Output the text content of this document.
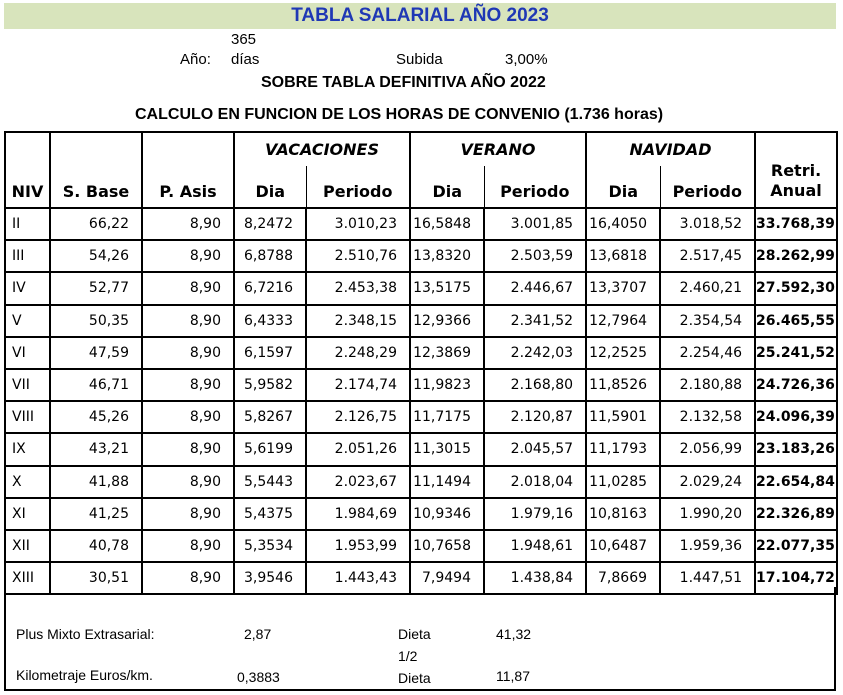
TABLA SALARIAL AÑO 2023
Año:
365
días	Subida	3,00%
SOBRE TABLA DEFINITIVA AÑO 2022
CALCULO EN FUNCION DE LOS HORAS DE CONVENIO (1.736 horas)
NIV	S. Base	P. Asis	VACACIONES		VERANO		NAVIDAD		Retri.
Anual
			Dia	Periodo	Dia	Periodo	Dia	Periodo	
II	66,22	8,90	8,2472	3.010,23	16,5848	3.001,85	16,4050	3.018,52	33.768,39
III	54,26	8,90	6,8788	2.510,76	13,8320	2.503,59	13,6818	2.517,45	28.262,99
IV	52,77	8,90	6,7216	2.453,38	13,5175	2.446,67	13,3707	2.460,21	27.592,30
V	50,35	8,90	6,4333	2.348,15	12,9366	2.341,52	12,7964	2.354,54	26.465,55
VI	47,59	8,90	6,1597	2.248,29	12,3869	2.242,03	12,2525	2.254,46	25.241,52
VII	46,71	8,90	5,9582	2.174,74	11,9823	2.168,80	11,8526	2.180,88	24.726,36
VIII	45,26	8,90	5,8267	2.126,75	11,7175	2.120,87	11,5901	2.132,58	24.096,39
IX	43,21	8,90	5,6199	2.051,26	11,3015	2.045,57	11,1793	2.056,99	23.183,26
X	41,88	8,90	5,5443	2.023,67	11,1494	2.018,04	11,0285	2.029,24	22.654,84
XI	41,25	8,90	5,4375	1.984,69	10,9346	1.979,16	10,8163	1.990,20	22.326,89
XII	40,78	8,90	5,3534	1.953,99	10,7658	1.948,61	10,6487	1.959,36	22.077,35
XIII	30,51	8,90	3,9546	1.443,43	7,9494	1.438,84	7,8669	1.447,51	17.104,72
Plus Mixto Extrasarial:	2,87	Dieta	41,32
1/2
Kilometraje Euros/km.	0,3883	Dieta	11,87
